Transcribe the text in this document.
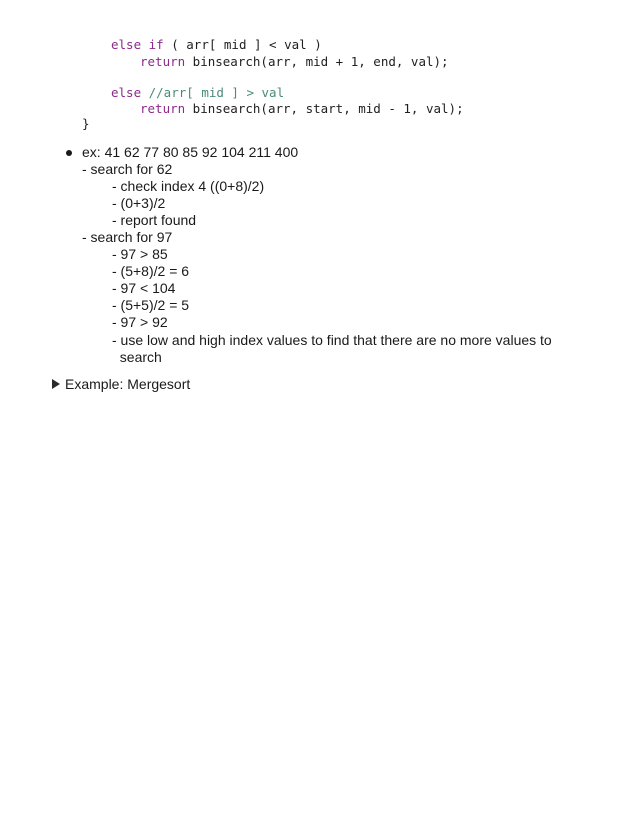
else if ( arr[ mid ] < val )
return binsearch(arr, mid + 1, end, val);
else //arr[ mid ] > val
return binsearch(arr, start, mid - 1, val);
}
ex: 41 62 77 80 85 92 104 211 400
- search for 62
- check index 4 ((0+8)/2)
- (0+3)/2
- report found
- search for 97
- 97 > 85
- (5+8)/2 = 6
- 97 < 104
- (5+5)/2 = 5
- 97 > 92
- use low and high index values to find that there are no more values to
search
Example: Mergesort
